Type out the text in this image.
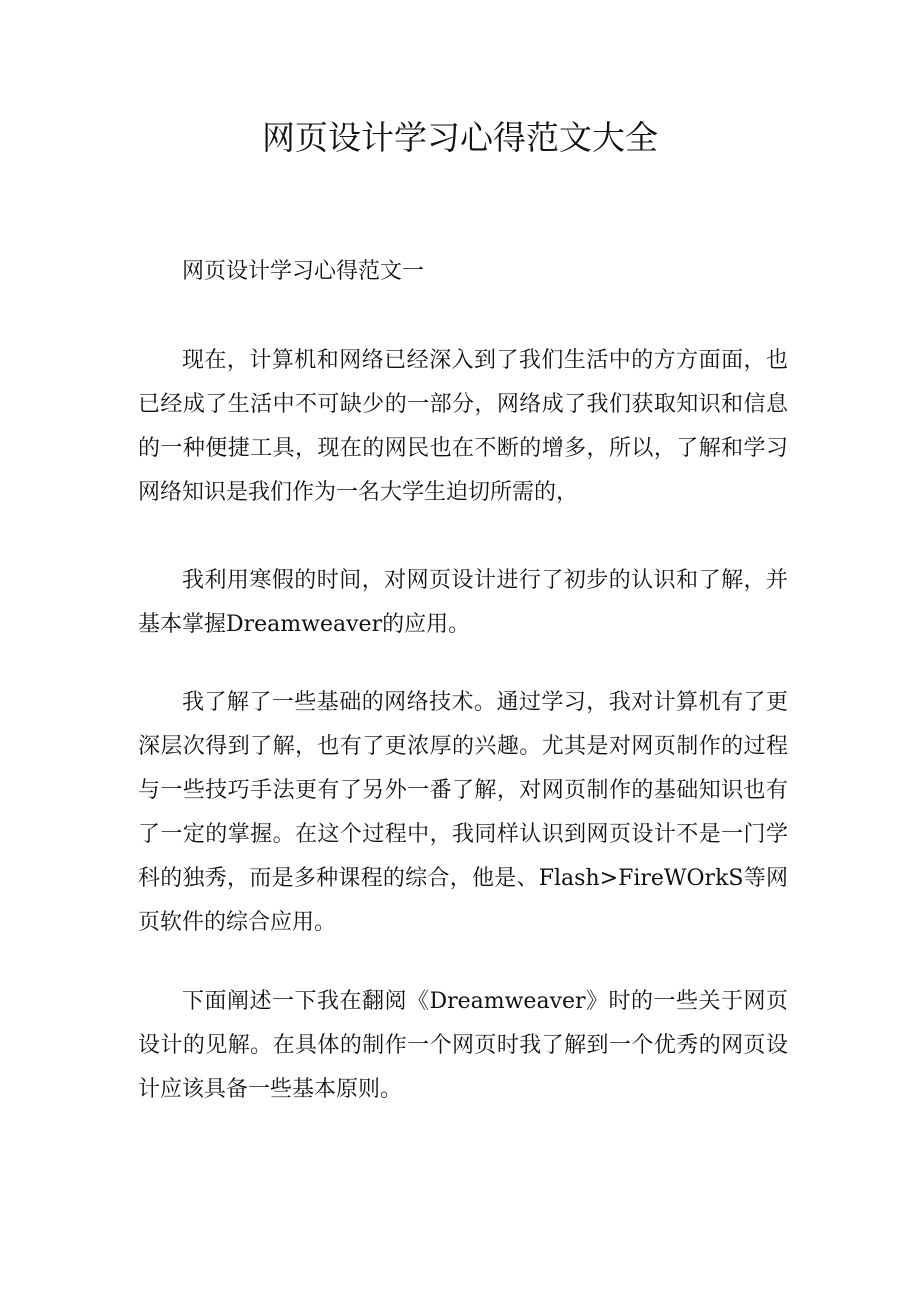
网页设计学习心得范文大全

网页设计学习心得范文一

现在，计算机和网络已经深入到了我们生活中的方方面面，也已经成了生活中不可缺少的一部分，网络成了我们获取知识和信息的一种便捷工具，现在的网民也在不断的增多，所以，了解和学习网络知识是我们作为一名大学生迫切所需的，

我利用寒假的时间，对网页设计进行了初步的认识和了解，并基本掌握Dreamweaver的应用。

我了解了一些基础的网络技术。通过学习，我对计算机有了更深层次得到了解，也有了更浓厚的兴趣。尤其是对网页制作的过程与一些技巧手法更有了另外一番了解，对网页制作的基础知识也有了一定的掌握。在这个过程中，我同样认识到网页设计不是一门学科的独秀，而是多种课程的综合，他是、Flash>FireWOrkS等网页软件的综合应用。

下面阐述一下我在翻阅《Dreamweaver》时的一些关于网页设计的见解。在具体的制作一个网页时我了解到一个优秀的网页设计应该具备一些基本原则。
